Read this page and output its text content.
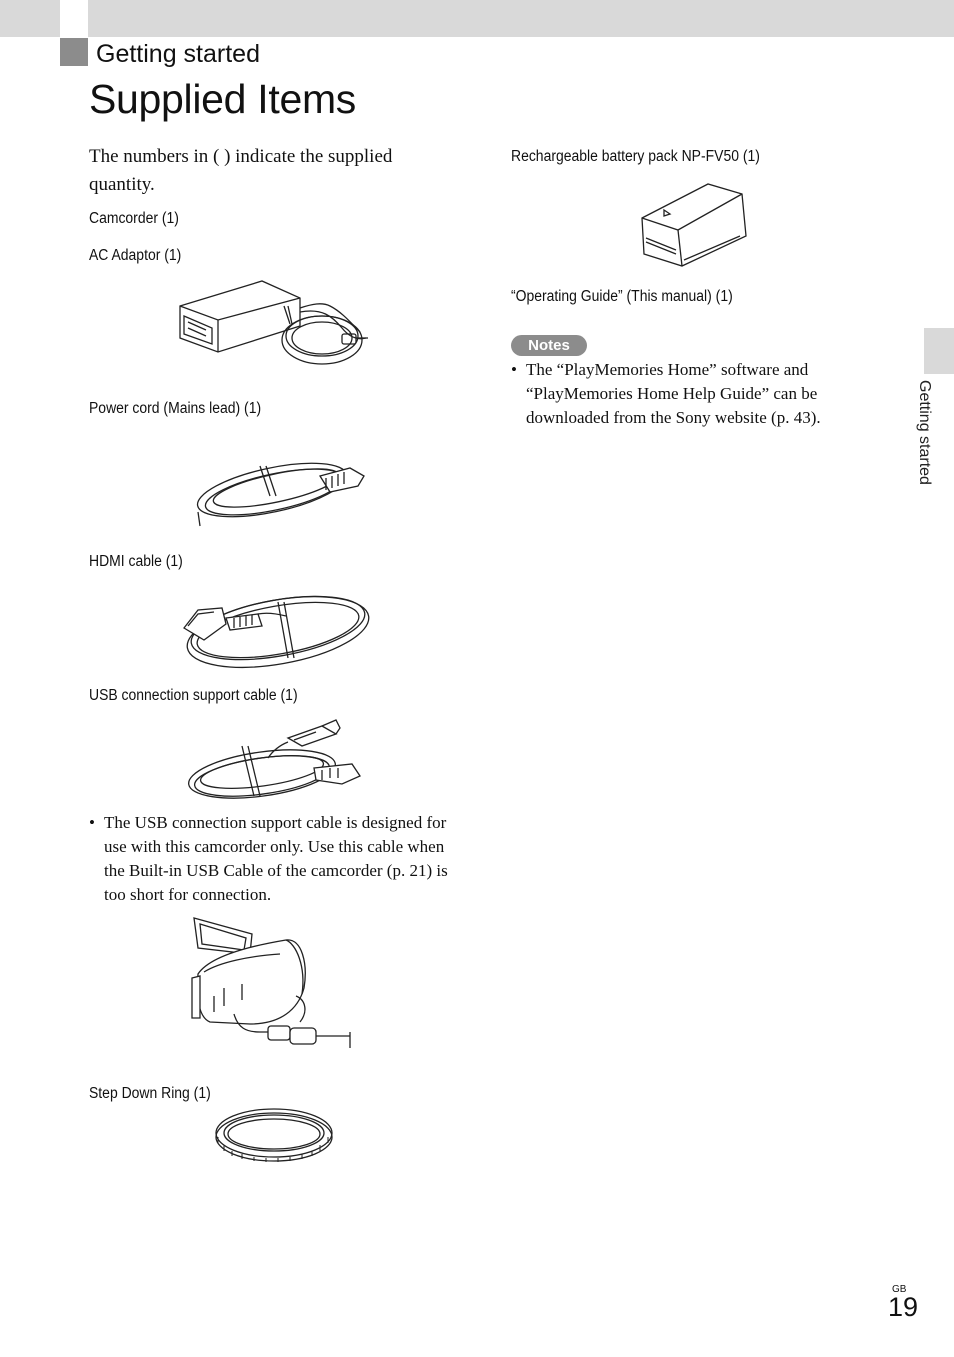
Getting started
Supplied Items
The numbers in ( ) indicate the supplied quantity.
Camcorder (1)
AC Adaptor (1)
Power cord (Mains lead) (1)
HDMI cable (1)
USB connection support cable (1)
• The USB connection support cable is designed for use with this camcorder only. Use this cable when the Built-in USB Cable of the camcorder (p. 21) is too short for connection.
Step Down Ring (1)
Rechargeable battery pack NP-FV50 (1)
“Operating Guide” (This manual) (1)
Notes
• The “PlayMemories Home” software and “PlayMemories Home Help Guide” can be downloaded from the Sony website (p. 43).	Getting started
GB
19
